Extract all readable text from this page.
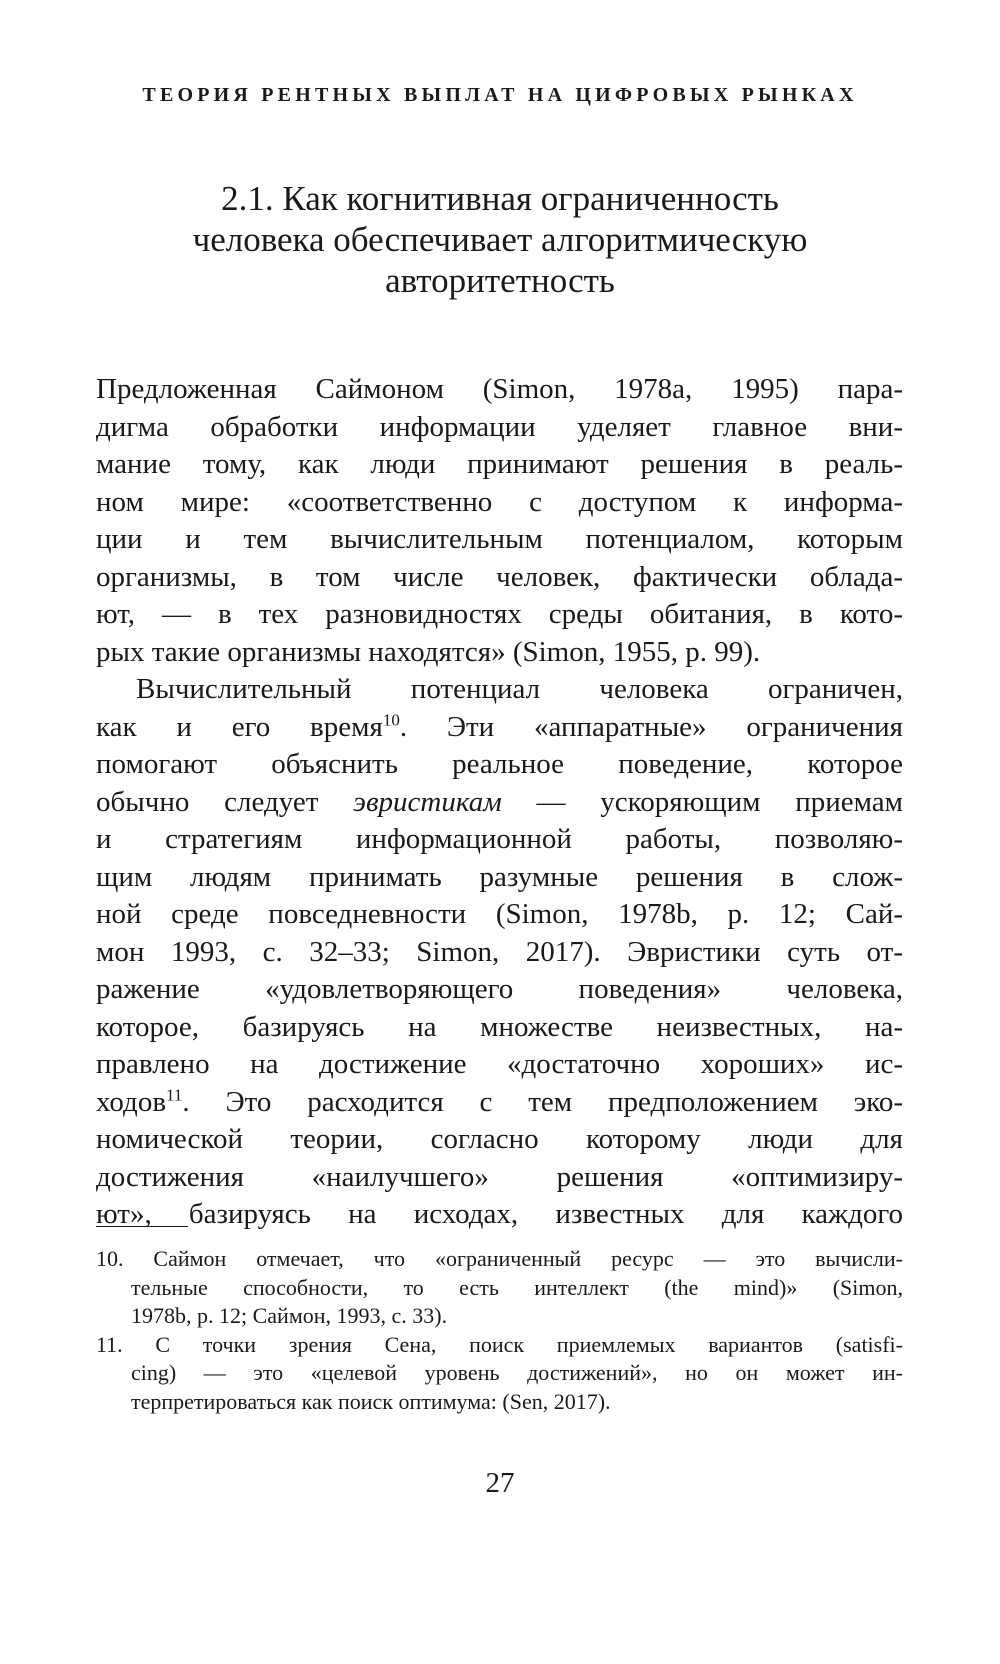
ТЕОРИЯ РЕНТНЫХ ВЫПЛАТ НА ЦИФРОВЫХ РЫНКАХ
2.1. Как когнитивная ограниченность
человека обеспечивает алгоритмическую
авторитетность
Предложенная Саймоном (Simon, 1978a, 1995) пара-
дигма обработки информации уделяет главное вни-
мание тому, как люди принимают решения в реаль-
ном мире: «соответственно с доступом к информа-
ции и тем вычислительным потенциалом, которым
организмы, в том числе человек, фактически облада-
ют, — в тех разновидностях среды обитания, в кото-
рых такие организмы находятся» (Simon, 1955, p. 99).
Вычислительный потенциал человека ограничен,
как и его время$^{10}$. Эти «аппаратные» ограничения
помогают объяснить реальное поведение, которое
обычно следует эвристикам — ускоряющим приемам
и стратегиям информационной работы, позволяю-
щим людям принимать разумные решения в слож-
ной среде повседневности (Simon, 1978b, p. 12; Сай-
мон 1993, с. 32–33; Simon, 2017). Эвристики суть от-
ражение «удовлетворяющего поведения» человека,
которое, базируясь на множестве неизвестных, на-
правлено на достижение «достаточно хороших» ис-
ходов$^{11}$. Это расходится с тем предположением эко-
номической теории, согласно которому люди для
достижения «наилучшего» решения «оптимизиру-
ют», базируясь на исходах, известных для каждого
10. Саймон отмечает, что «ограниченный ресурс — это вычисли-
тельные способности, то есть интеллект (the mind)» (Simon,
1978b, p. 12; Саймон, 1993, с. 33).
11. С точки зрения Сена, поиск приемлемых вариантов (satisfi-
cing) — это «целевой уровень достижений», но он может ин-
терпретироваться как поиск оптимума: (Sen, 2017).
27
